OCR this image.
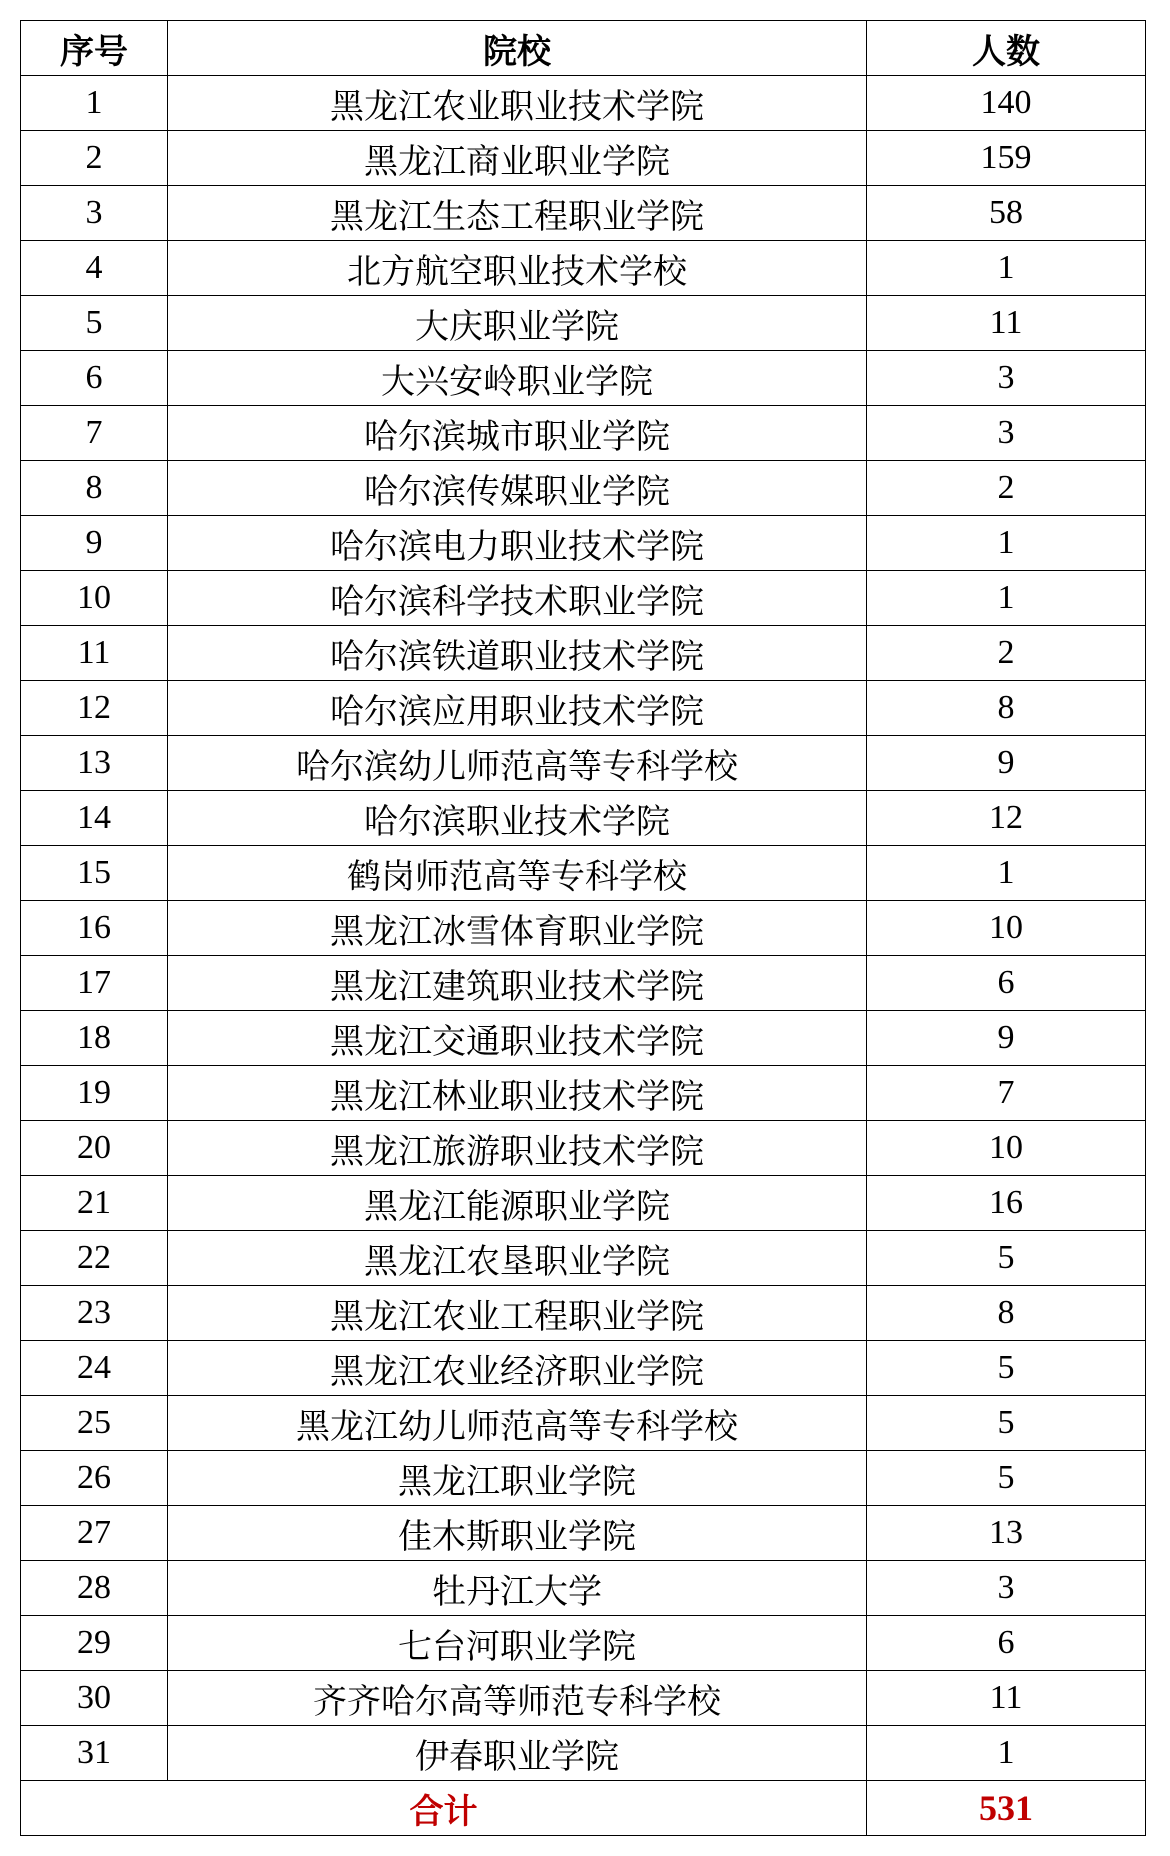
序号	院校	人数
1	黑龙江农业职业技术学院	140
2	黑龙江商业职业学院	159
3	黑龙江生态工程职业学院	58
4	北方航空职业技术学校	1
5	大庆职业学院	11
6	大兴安岭职业学院	3
7	哈尔滨城市职业学院	3
8	哈尔滨传媒职业学院	2
9	哈尔滨电力职业技术学院	1
10	哈尔滨科学技术职业学院	1
11	哈尔滨铁道职业技术学院	2
12	哈尔滨应用职业技术学院	8
13	哈尔滨幼儿师范高等专科学校	9
14	哈尔滨职业技术学院	12
15	鹤岗师范高等专科学校	1
16	黑龙江冰雪体育职业学院	10
17	黑龙江建筑职业技术学院	6
18	黑龙江交通职业技术学院	9
19	黑龙江林业职业技术学院	7
20	黑龙江旅游职业技术学院	10
21	黑龙江能源职业学院	16
22	黑龙江农垦职业学院	5
23	黑龙江农业工程职业学院	8
24	黑龙江农业经济职业学院	5
25	黑龙江幼儿师范高等专科学校	5
26	黑龙江职业学院	5
27	佳木斯职业学院	13
28	牡丹江大学	3
29	七台河职业学院	6
30	齐齐哈尔高等师范专科学校	11
31	伊春职业学院	1
合计		531
